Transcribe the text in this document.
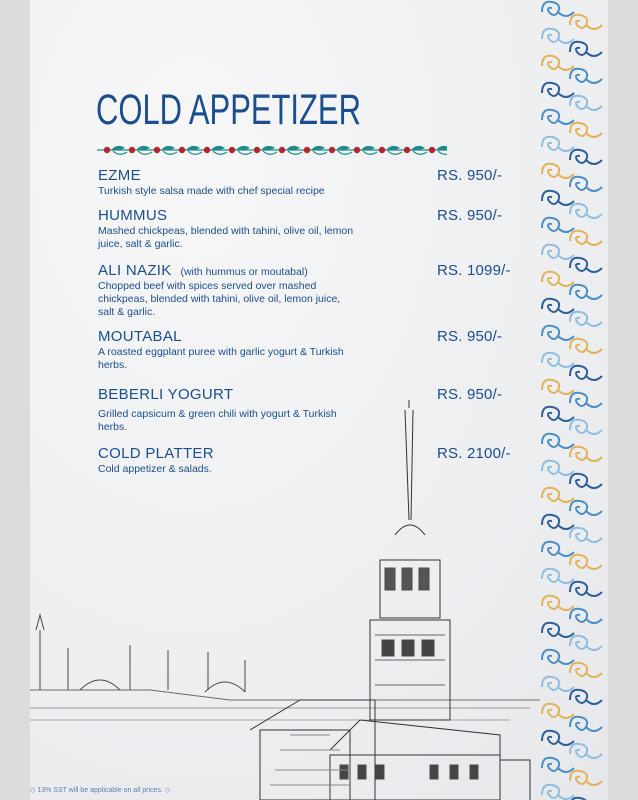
COLD APPETIZER
EZME
Turkish style salsa made with chef special recipe
RS. 950/-
HUMMUS
Mashed chickpeas, blended with tahini, olive oil, lemon juice, salt & garlic.
RS. 950/-
ALI NAZIK (with hummus or moutabal)
Chopped beef with spices served over mashed chickpeas, blended with tahini, olive oil, lemon juice, salt & garlic.
RS. 1099/-
MOUTABAL
A roasted eggplant puree with garlic yogurt & Turkish herbs.
RS. 950/-
BEBERLI YOGURT
Grilled capsicum & green chili with yogurt & Turkish herbs.
RS. 950/-
COLD PLATTER
Cold appetizer & salads.
RS. 2100/-
◇ 13% SST will be applicable on all prices. ◇
